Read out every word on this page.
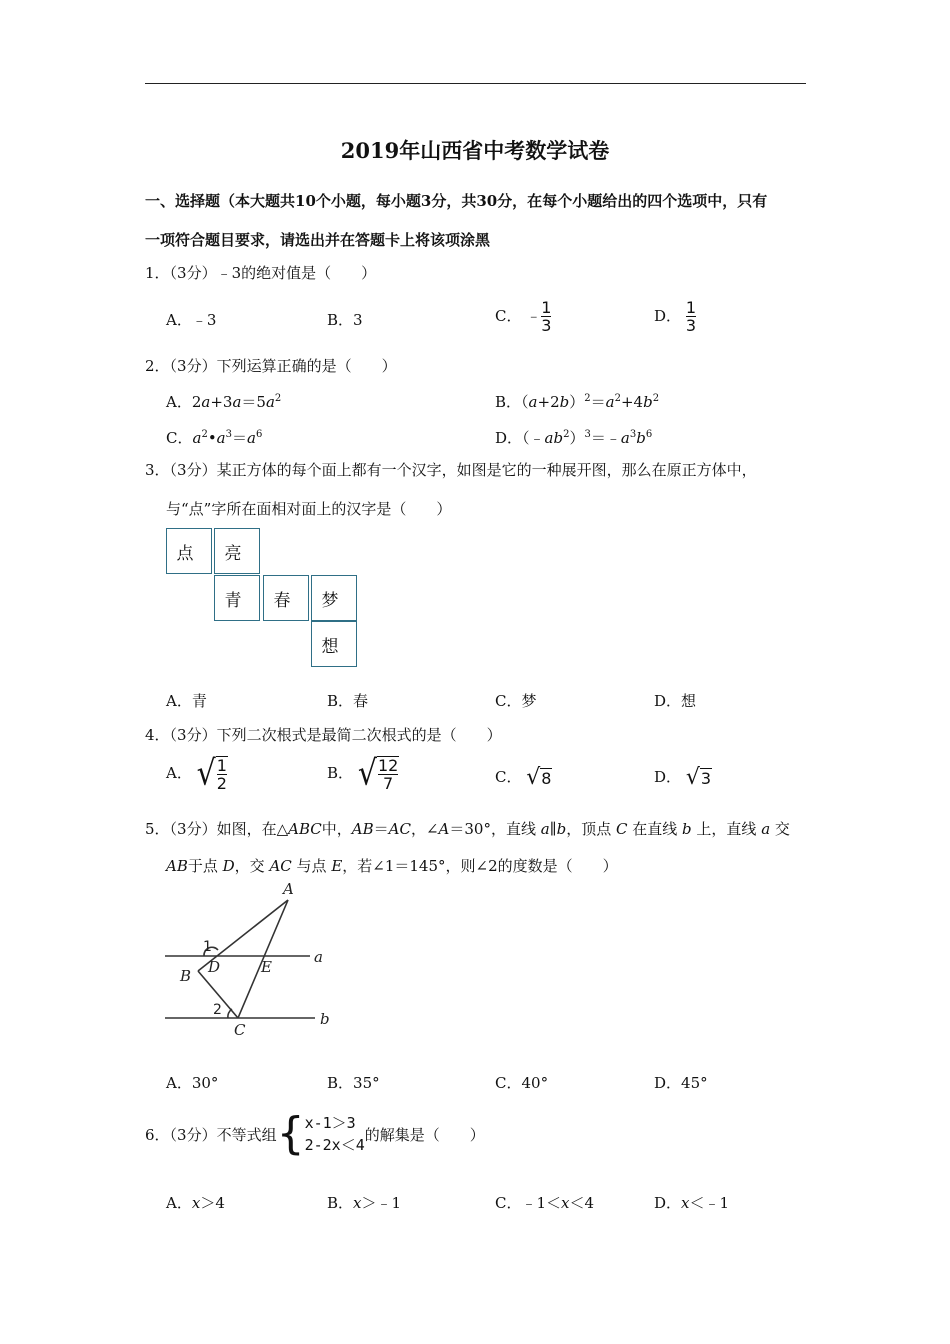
2019年山西省中考数学试卷
一、选择题（本大题共10个小题，每小题3分，共30分，在每个小题给出的四个选项中，只有
一项符合题目要求，请选出并在答题卡上将该项涂黑
1．（3分）﹣3的绝对值是（　　）
A．﹣3	B．3	C． ﹣ $\frac{1}{3}$	D． $\frac{1}{3}$
2．（3分）下列运算正确的是（　　）
A．$2a+3a=5a^2$	B．$(a+2b)^2=a^2+4b^2$
C．$a^2•a^3=a^6$	D．$(﹣ab^2)^3=﹣a^3b^6$
3．（3分）某正方体的每个面上都有一个汉字，如图是它的一种展开图，那么在原正方体中，
与“点”字所在面相对面上的汉字是（　　）
点	亮
青	春	梦
想
A．青	B．春	C．梦	D．想
4．（3分）下列二次根式是最简二次根式的是（　　）
A． √ $\frac{1}{2}$	B． √ $\frac{12}{7}$	C． √ 8	D． √ 3
5．（3分）如图，在△ABC中，AB＝AC，∠A＝30°，直线 a∥b，顶点 C 在直线 b 上，直线 a 交
AB于点 D，交 AC 与点 E，若∠1＝145°，则∠2的度数是（　　）
A
B
C
D	E
a
b
1
2
A．30°	B．35°	C．40°	D．45°
6．（3分）不等式组 { x-1＞3
2-2x＜4
的解集是（　　）
A．x＞4	B．x＞﹣1	C．﹣1＜x＜4	D．x＜﹣1
